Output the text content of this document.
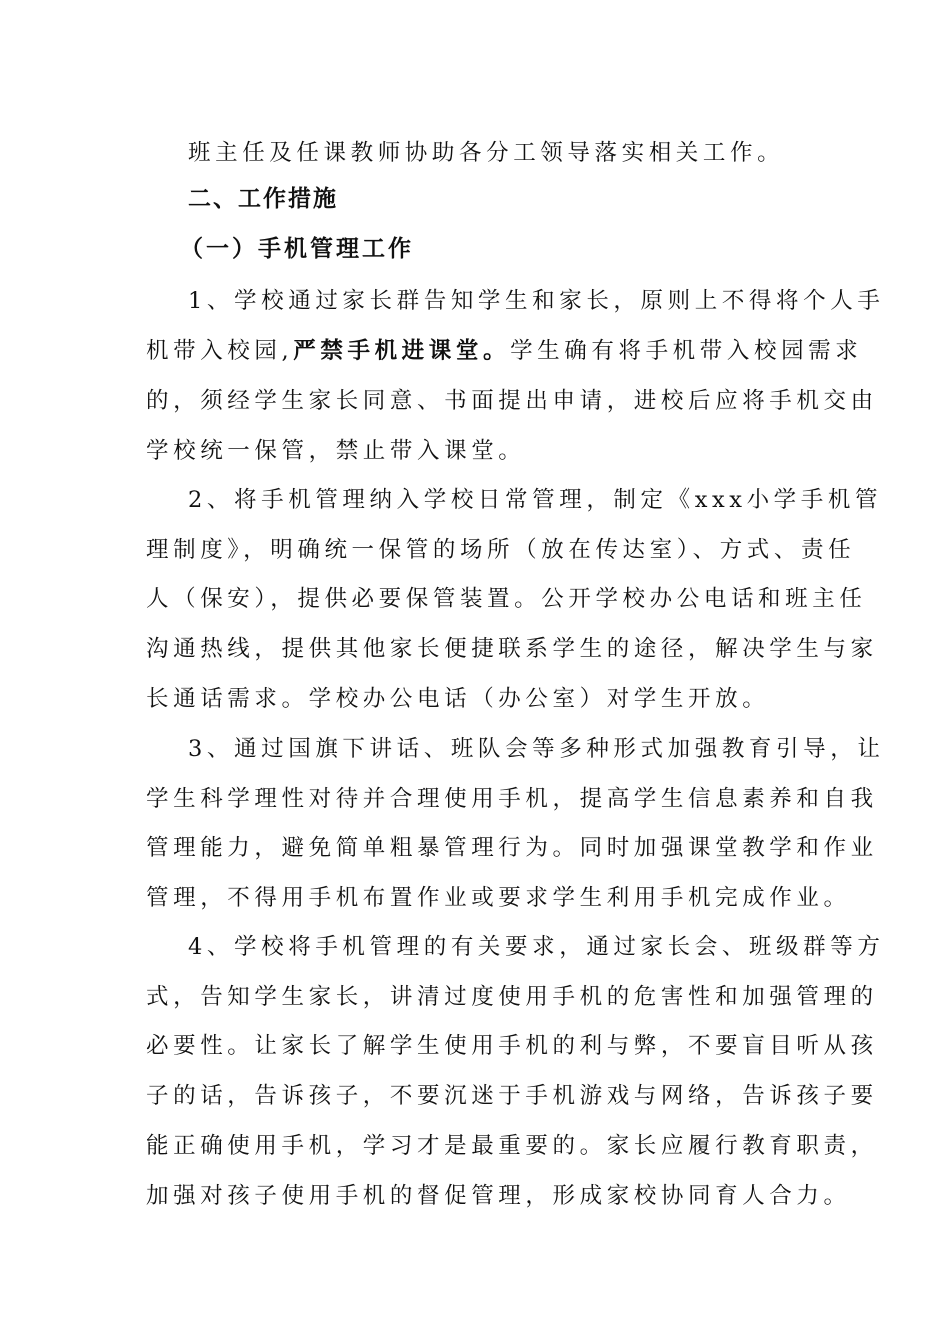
班主任及任课教师协助各分工领导落实相关工作。
二、工作措施
（一）手机管理工作
1、学校通过家长群告知学生和家长，原则上不得将个人手
机带入校园,严禁手机进课堂。学生确有将手机带入校园需求
的，须经学生家长同意、书面提出申请，进校后应将手机交由
学校统一保管，禁止带入课堂。
2、将手机管理纳入学校日常管理，制定《xxx小学手机管
理制度》，明确统一保管的场所（放在传达室）、方式、责任
人（保安），提供必要保管装置。公开学校办公电话和班主任
沟通热线，提供其他家长便捷联系学生的途径，解决学生与家
长通话需求。学校办公电话（办公室）对学生开放。
3、通过国旗下讲话、班队会等多种形式加强教育引导，让
学生科学理性对待并合理使用手机，提高学生信息素养和自我
管理能力，避免简单粗暴管理行为。同时加强课堂教学和作业
管理，不得用手机布置作业或要求学生利用手机完成作业。
4、学校将手机管理的有关要求，通过家长会、班级群等方
式，告知学生家长，讲清过度使用手机的危害性和加强管理的
必要性。让家长了解学生使用手机的利与弊，不要盲目听从孩
子的话，告诉孩子，不要沉迷于手机游戏与网络，告诉孩子要
能正确使用手机，学习才是最重要的。家长应履行教育职责，
加强对孩子使用手机的督促管理，形成家校协同育人合力。
